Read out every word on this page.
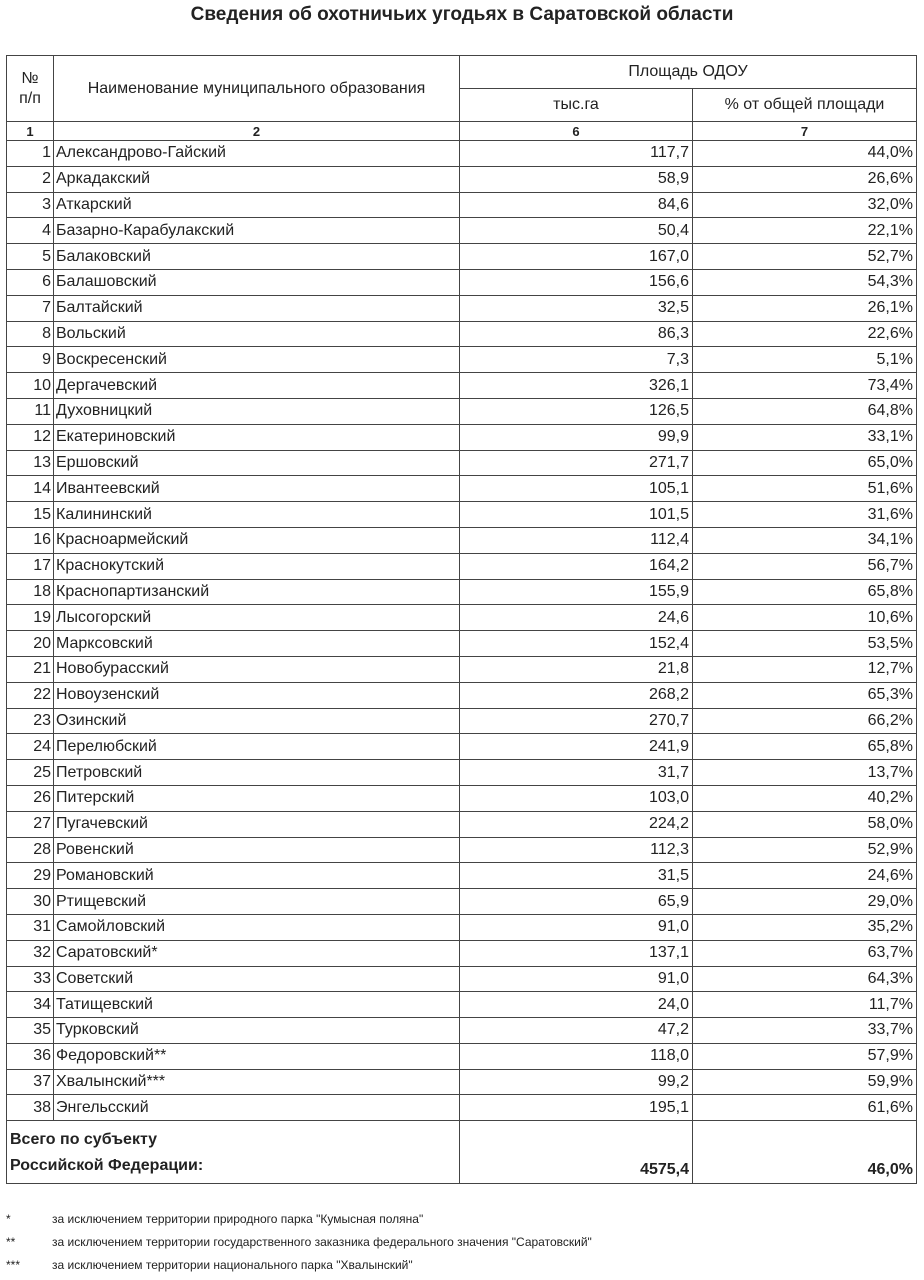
Сведения об охотничьих угодьях в Саратовской области
№
п/п	Наименование муниципального образования	Площадь ОДОУ	
		тыс.га	% от общей площади
1	2	6	7
1	Александрово-Гайский	117,7	44,0%
2	Аркадакский	58,9	26,6%
3	Аткарский	84,6	32,0%
4	Базарно-Карабулакский	50,4	22,1%
5	Балаковский	167,0	52,7%
6	Балашовский	156,6	54,3%
7	Балтайский	32,5	26,1%
8	Вольский	86,3	22,6%
9	Воскресенский	7,3	5,1%
10	Дергачевский	326,1	73,4%
11	Духовницкий	126,5	64,8%
12	Екатериновский	99,9	33,1%
13	Ершовский	271,7	65,0%
14	Ивантеевский	105,1	51,6%
15	Калининский	101,5	31,6%
16	Красноармейский	112,4	34,1%
17	Краснокутский	164,2	56,7%
18	Краснопартизанский	155,9	65,8%
19	Лысогорский	24,6	10,6%
20	Марксовский	152,4	53,5%
21	Новобурасский	21,8	12,7%
22	Новоузенский	268,2	65,3%
23	Озинский	270,7	66,2%
24	Перелюбский	241,9	65,8%
25	Петровский	31,7	13,7%
26	Питерский	103,0	40,2%
27	Пугачевский	224,2	58,0%
28	Ровенский	112,3	52,9%
29	Романовский	31,5	24,6%
30	Ртищевский	65,9	29,0%
31	Самойловский	91,0	35,2%
32	Саратовский*	137,1	63,7%
33	Советский	91,0	64,3%
34	Татищевский	24,0	11,7%
35	Турковский	47,2	33,7%
36	Федоровский**	118,0	57,9%
37	Хвалынский***	99,2	59,9%
38	Энгельсский	195,1	61,6%
Всего по субъекту
Российской Федерации:		4575,4	46,0%
*	за исключением территории природного парка "Кумысная поляна"
**	за исключением территории государственного заказника федерального значения "Саратовский"
***	за исключением территории национального парка "Хвалынский"
